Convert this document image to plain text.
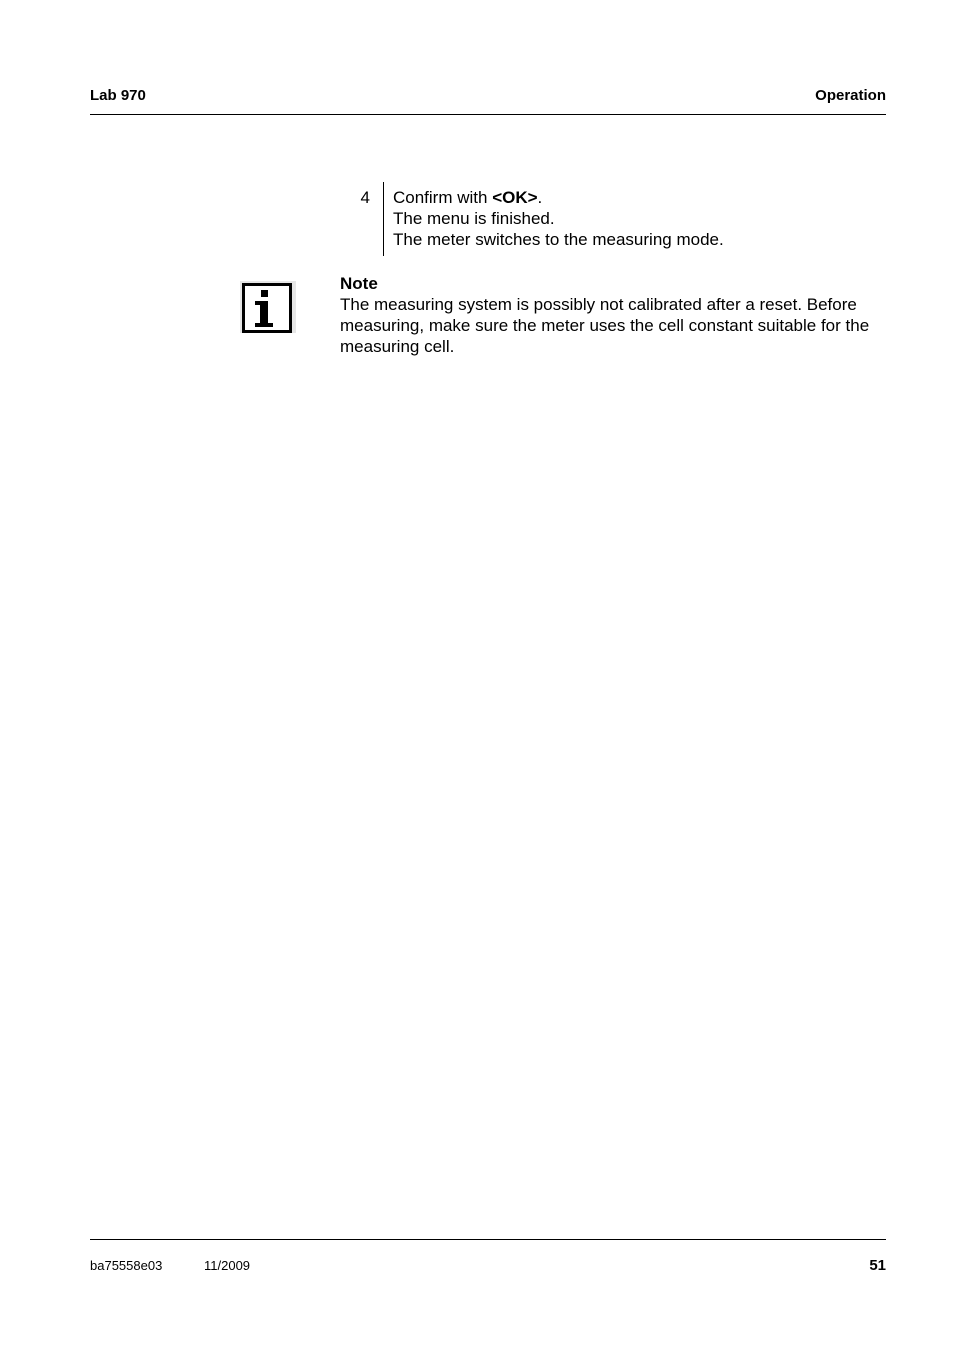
Lab 970	Operation
4 Confirm with <OK>.
The menu is finished.
The meter switches to the measuring mode.
Note
The measuring system is possibly not calibrated after a reset. Before
measuring, make sure the meter uses the cell constant suitable for the
measuring cell.
ba75558e03	11/2009	51
